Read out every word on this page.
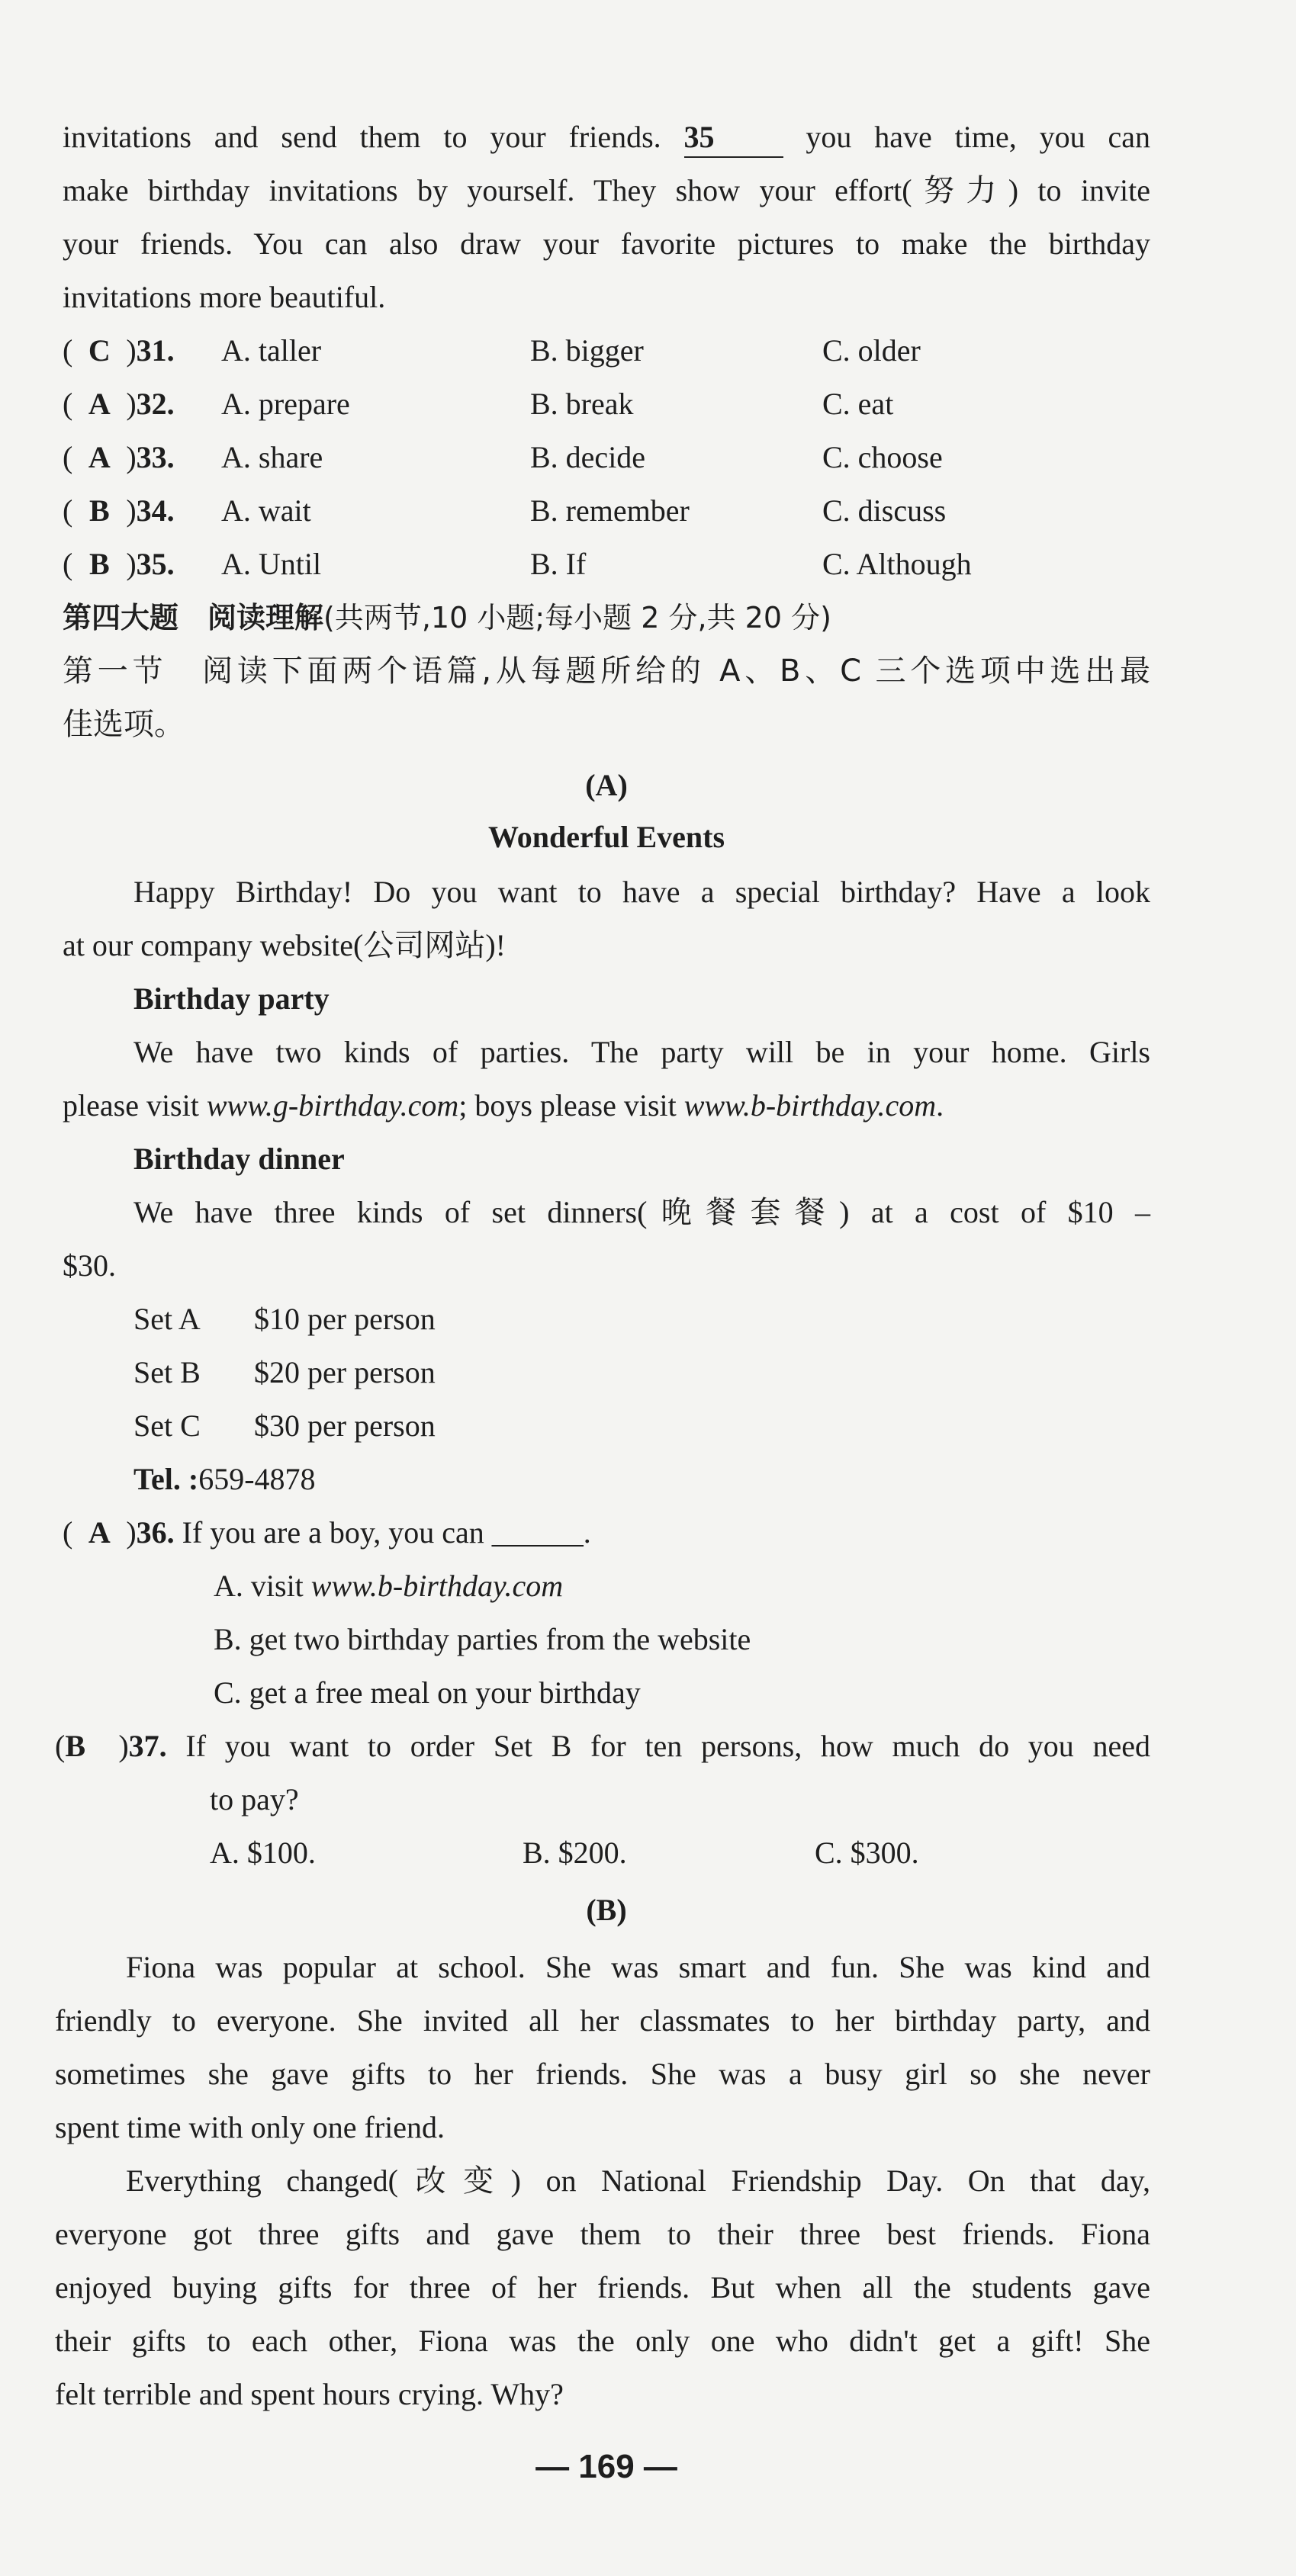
invitations and send them to your friends. 35	you have time, you can
make birthday invitations by yourself. They show your effort(努力) to invite
your friends. You can also draw your favorite pictures to make the birthday
invitations more beautiful.
( C )31. A. taller	B. bigger	C. older
( A )32. A. prepare	B. break	C. eat
( A )33. A. share	B. decide	C. choose
( B )34. A. wait	B. remember	C. discuss
( B )35. A. Until	B. If	C. Although
第四大题　阅读理解(共两节,10 小题;每小题 2 分,共 20 分)
第一节　阅读下面两个语篇,从每题所给的 A、B、C 三个选项中选出最
佳选项。
(A)
Wonderful Events
Happy Birthday! Do you want to have a special birthday? Have a look
at our company website(公司网站)!
Birthday party
We have two kinds of parties. The party will be in your home. Girls
please visit www.g-birthday.com; boys please visit www.b-birthday.com.
Birthday dinner
We have three kinds of set dinners(晚餐套餐) at a cost of $10 –
$30.
Set A $10 per person
Set B $20 per person
Set C $30 per person
Tel. :659-4878
( A )36. If you are a boy, you can ______.
A. visit www.b-birthday.com
B. get two birthday parties from the website
C. get a free meal on your birthday
(B )37. If you want to order Set B for ten persons, how much do you need
to pay?
A. $100.	B. $200.	C. $300.
(B)
Fiona was popular at school. She was smart and fun. She was kind and
friendly to everyone. She invited all her classmates to her birthday party, and
sometimes she gave gifts to her friends. She was a busy girl so she never
spent time with only one friend.
Everything changed(改变) on National Friendship Day. On that day,
everyone got three gifts and gave them to their three best friends. Fiona
enjoyed buying gifts for three of her friends. But when all the students gave
their gifts to each other, Fiona was the only one who didn't get a gift! She
felt terrible and spent hours crying. Why?
— 169 —
